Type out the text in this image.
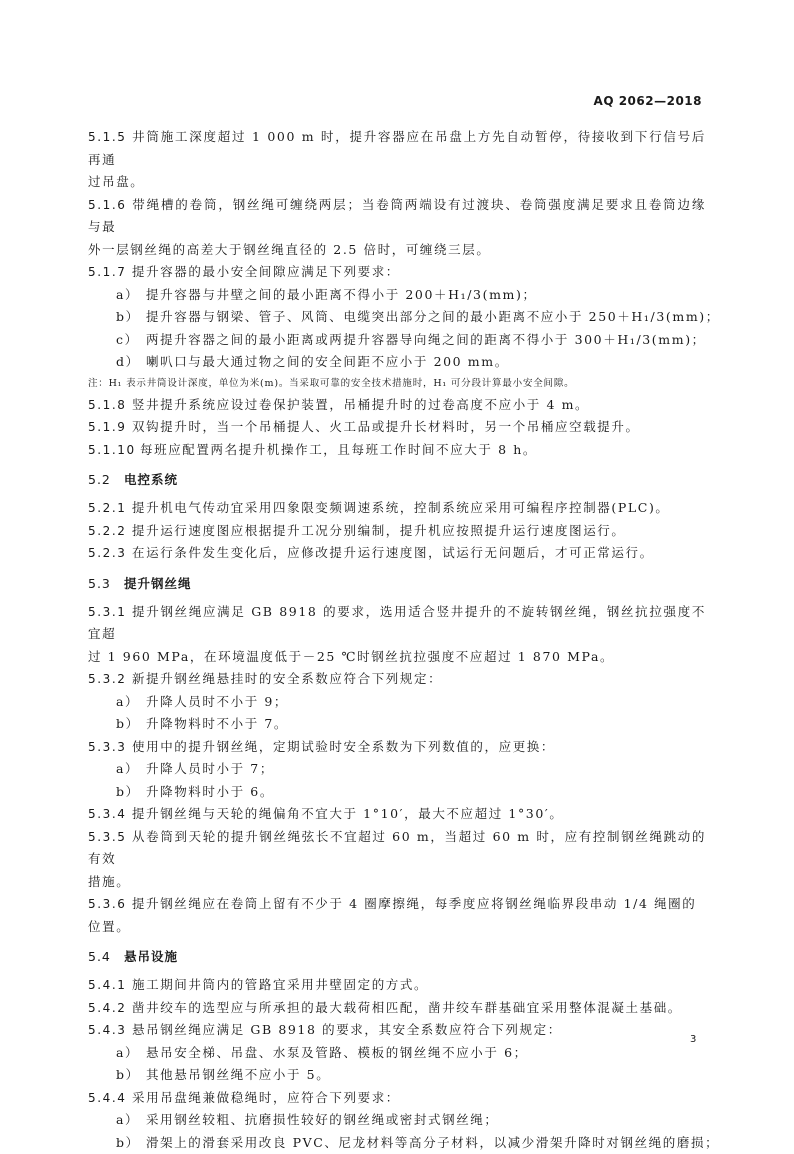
AQ 2062—2018

5.1.5 井筒施工深度超过 1 000 m 时，提升容器应在吊盘上方先自动暂停，待接收到下行信号后再通

过吊盘。

5.1.6 带绳槽的卷筒，钢丝绳可缠绕两层；当卷筒两端设有过渡块、卷筒强度满足要求且卷筒边缘与最

外一层钢丝绳的高差大于钢丝绳直径的 2.5 倍时，可缠绕三层。

5.1.7 提升容器的最小安全间隙应满足下列要求：

a） 提升容器与井壁之间的最小距离不得小于 200＋H₁/3(mm)；

b） 提升容器与钢梁、管子、风筒、电缆突出部分之间的最小距离不应小于 250＋H₁/3(mm)；

c） 两提升容器之间的最小距离或两提升容器导向绳之间的距离不得小于 300＋H₁/3(mm)；

d） 喇叭口与最大通过物之间的安全间距不应小于 200 mm。

注：H₁ 表示井筒设计深度，单位为米(m)。当采取可靠的安全技术措施时，H₁ 可分段计算最小安全间隙。

5.1.8 竖井提升系统应设过卷保护装置，吊桶提升时的过卷高度不应小于 4 m。

5.1.9 双钩提升时，当一个吊桶提人、火工品或提升长材料时，另一个吊桶应空载提升。

5.1.10 每班应配置两名提升机操作工，且每班工作时间不应大于 8 h。

5.2 电控系统

5.2.1 提升机电气传动宜采用四象限变频调速系统，控制系统应采用可编程序控制器(PLC)。

5.2.2 提升运行速度图应根据提升工况分别编制，提升机应按照提升运行速度图运行。

5.2.3 在运行条件发生变化后，应修改提升运行速度图，试运行无问题后，才可正常运行。

5.3 提升钢丝绳

5.3.1 提升钢丝绳应满足 GB 8918 的要求，选用适合竖井提升的不旋转钢丝绳，钢丝抗拉强度不宜超

过 1 960 MPa，在环境温度低于－25 ℃时钢丝抗拉强度不应超过 1 870 MPa。

5.3.2 新提升钢丝绳悬挂时的安全系数应符合下列规定：

a） 升降人员时不小于 9；

b） 升降物料时不小于 7。

5.3.3 使用中的提升钢丝绳，定期试验时安全系数为下列数值的，应更换：

a） 升降人员时小于 7；

b） 升降物料时小于 6。

5.3.4 提升钢丝绳与天轮的绳偏角不宜大于 1°10′，最大不应超过 1°30′。

5.3.5 从卷筒到天轮的提升钢丝绳弦长不宜超过 60 m，当超过 60 m 时，应有控制钢丝绳跳动的有效

措施。

5.3.6 提升钢丝绳应在卷筒上留有不少于 4 圈摩擦绳，每季度应将钢丝绳临界段串动 1/4 绳圈的

位置。

5.4 悬吊设施

5.4.1 施工期间井筒内的管路宜采用井壁固定的方式。

5.4.2 凿井绞车的选型应与所承担的最大载荷相匹配，凿井绞车群基础宜采用整体混凝土基础。

5.4.3 悬吊钢丝绳应满足 GB 8918 的要求，其安全系数应符合下列规定：

a） 悬吊安全梯、吊盘、水泵及管路、模板的钢丝绳不应小于 6；

b） 其他悬吊钢丝绳不应小于 5。

5.4.4 采用吊盘绳兼做稳绳时，应符合下列要求：

a） 采用钢丝较粗、抗磨损性较好的钢丝绳或密封式钢丝绳；

b） 滑架上的滑套采用改良 PVC、尼龙材料等高分子材料，以减少滑架升降时对钢丝绳的磨损；

3
